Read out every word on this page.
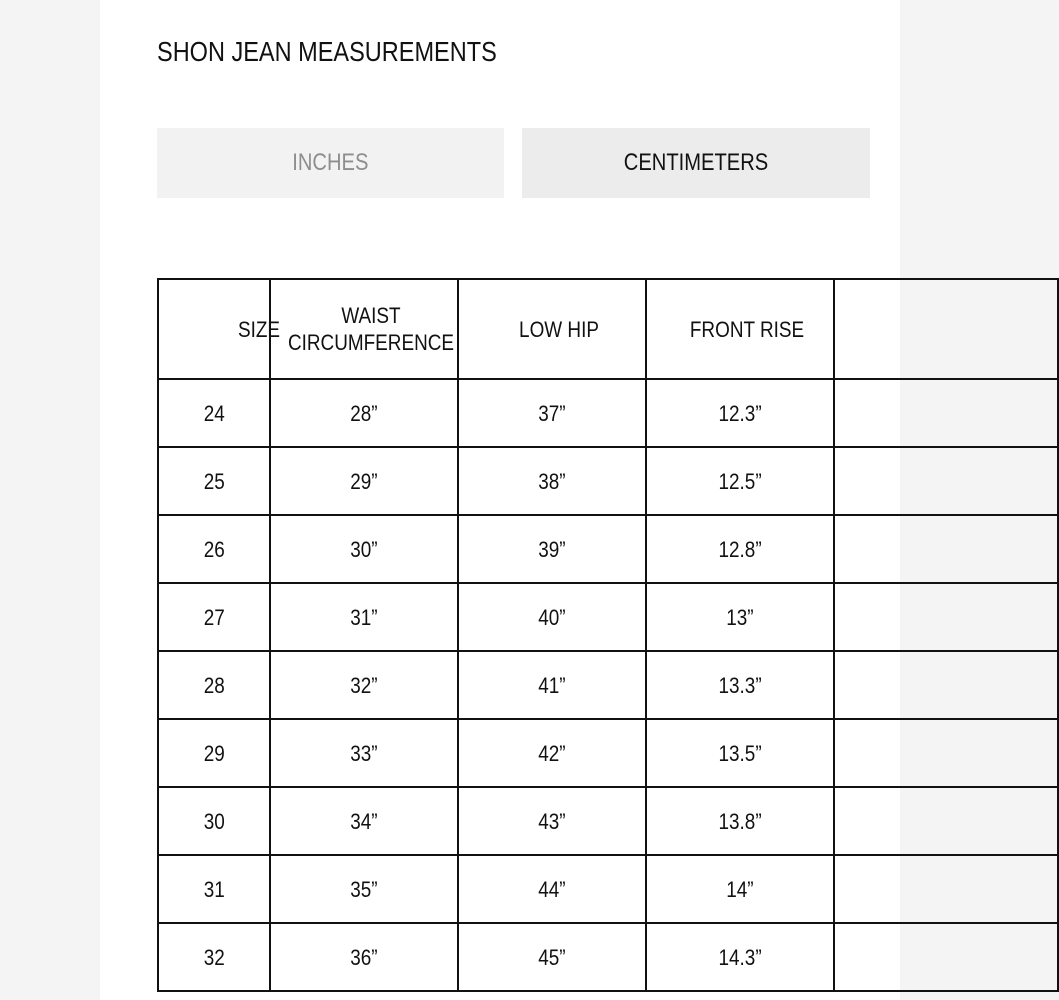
SHON JEAN MEASUREMENTS
INCHES	CENTIMETERS
SIZE	WAIST CIRCUMFERENCE	LOW HIP	FRONT RISE	
24	28”	37”	12.3”	
25	29”	38”	12.5”	
26	30”	39”	12.8”	
27	31”	40”	13”	
28	32”	41”	13.3”	
29	33”	42”	13.5”	
30	34”	43”	13.8”	
31	35”	44”	14”	
32	36”	45”	14.3”	
